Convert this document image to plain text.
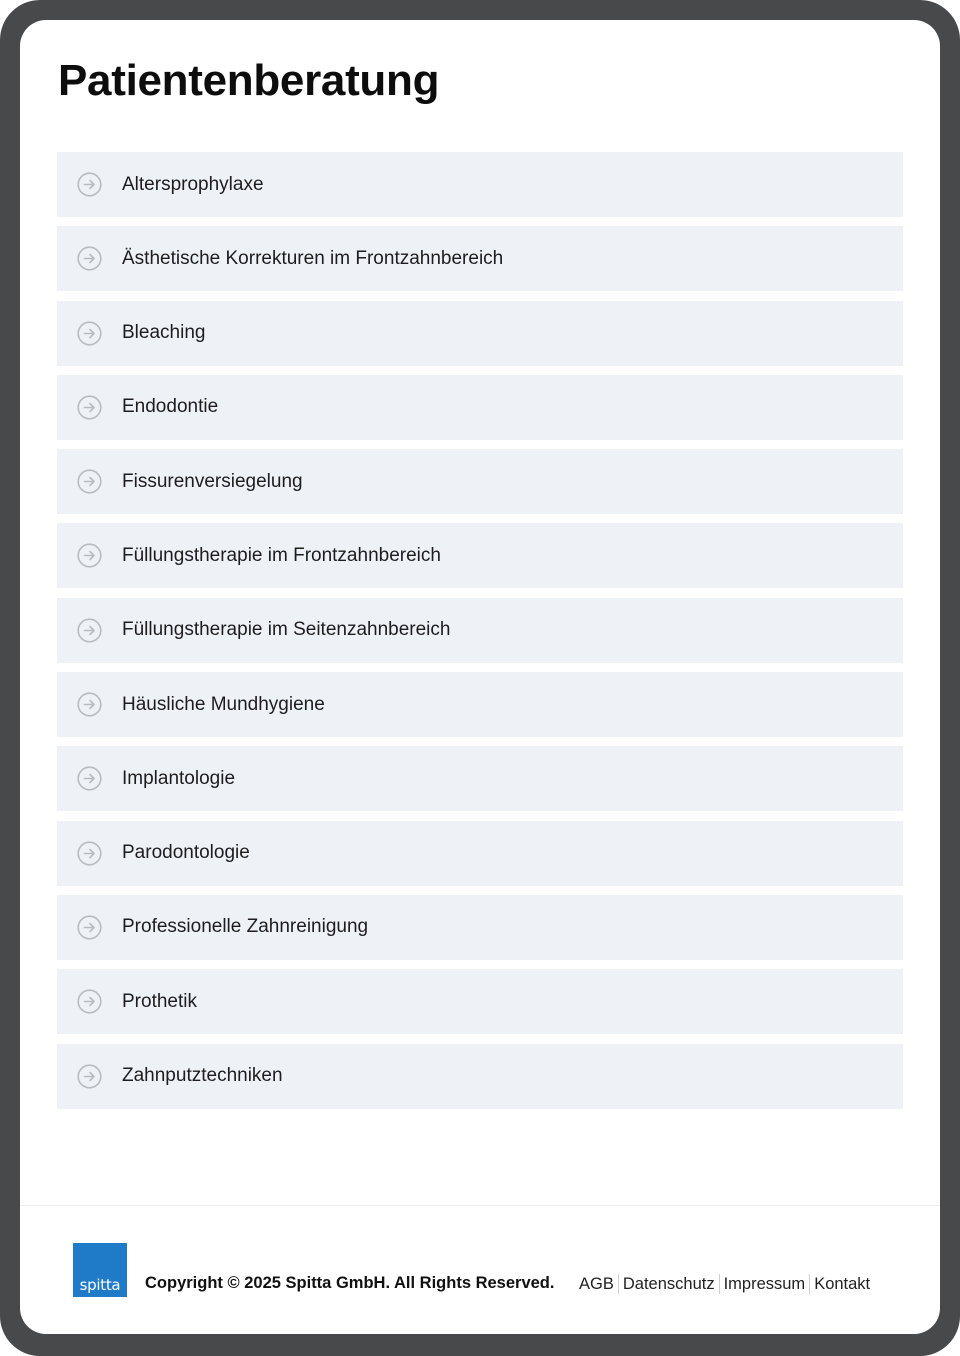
Patientenberatung
Altersprophylaxe
Ästhetische Korrekturen im Frontzahnbereich
Bleaching
Endodontie
Fissurenversiegelung
Füllungstherapie im Frontzahnbereich
Füllungstherapie im Seitenzahnbereich
Häusliche Mundhygiene
Implantologie
Parodontologie
Professionelle Zahnreinigung
Prothetik
Zahnputztechniken
spitta Copyright © 2025 Spitta GmbH. All Rights Reserved. AGB Datenschutz Impressum Kontakt
